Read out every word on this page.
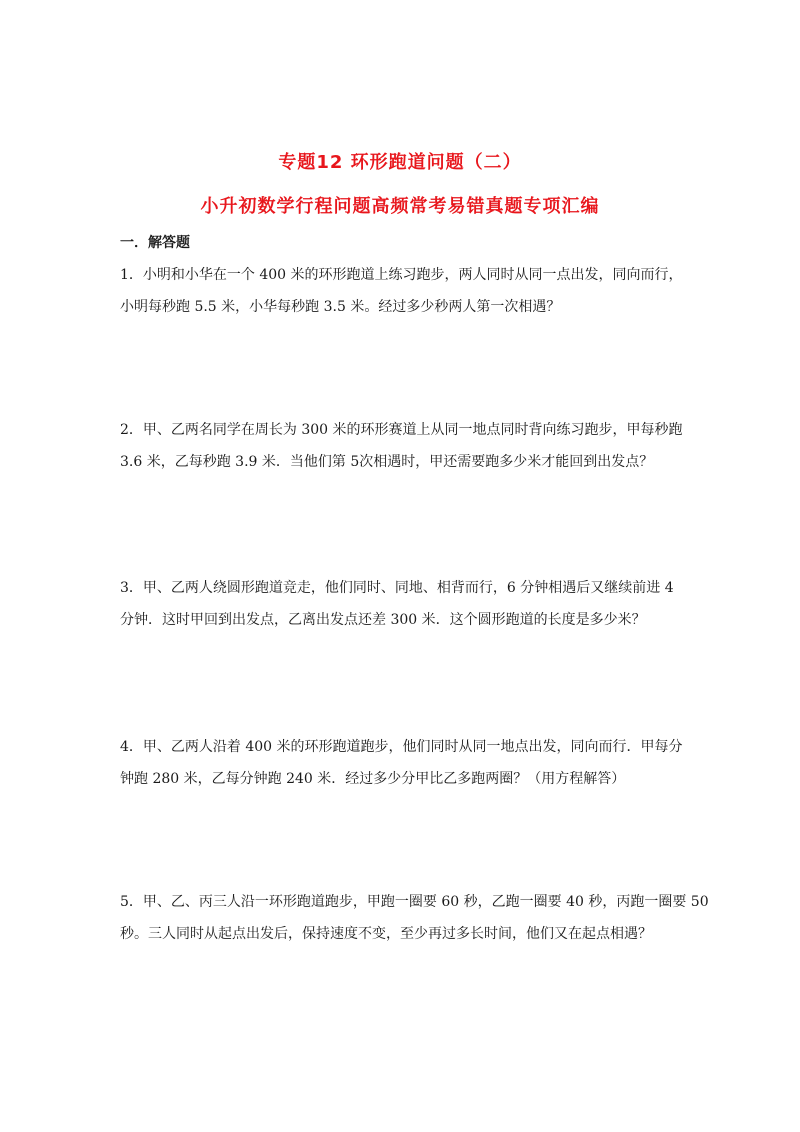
专题12 环形跑道问题（二）
小升初数学行程问题高频常考易错真题专项汇编
一．解答题
1．小明和小华在一个 400 米的环形跑道上练习跑步，两人同时从同一点出发，同向而行，
小明每秒跑 5.5 米，小华每秒跑 3.5 米。经过多少秒两人第一次相遇？
2．甲、乙两名同学在周长为 300 米的环形赛道上从同一地点同时背向练习跑步，甲每秒跑
3.6 米，乙每秒跑 3.9 米．当他们第 5次相遇时，甲还需要跑多少米才能回到出发点？
3．甲、乙两人绕圆形跑道竞走，他们同时、同地、相背而行，6 分钟相遇后又继续前进 4
分钟．这时甲回到出发点，乙离出发点还差 300 米．这个圆形跑道的长度是多少米？
4．甲、乙两人沿着 400 米的环形跑道跑步，他们同时从同一地点出发，同向而行．甲每分
钟跑 280 米，乙每分钟跑 240 米．经过多少分甲比乙多跑两圈？（用方程解答）
5．甲、乙、丙三人沿一环形跑道跑步，甲跑一圈要 60 秒，乙跑一圈要 40 秒，丙跑一圈要 50
秒。三人同时从起点出发后，保持速度不变，至少再过多长时间，他们又在起点相遇？
